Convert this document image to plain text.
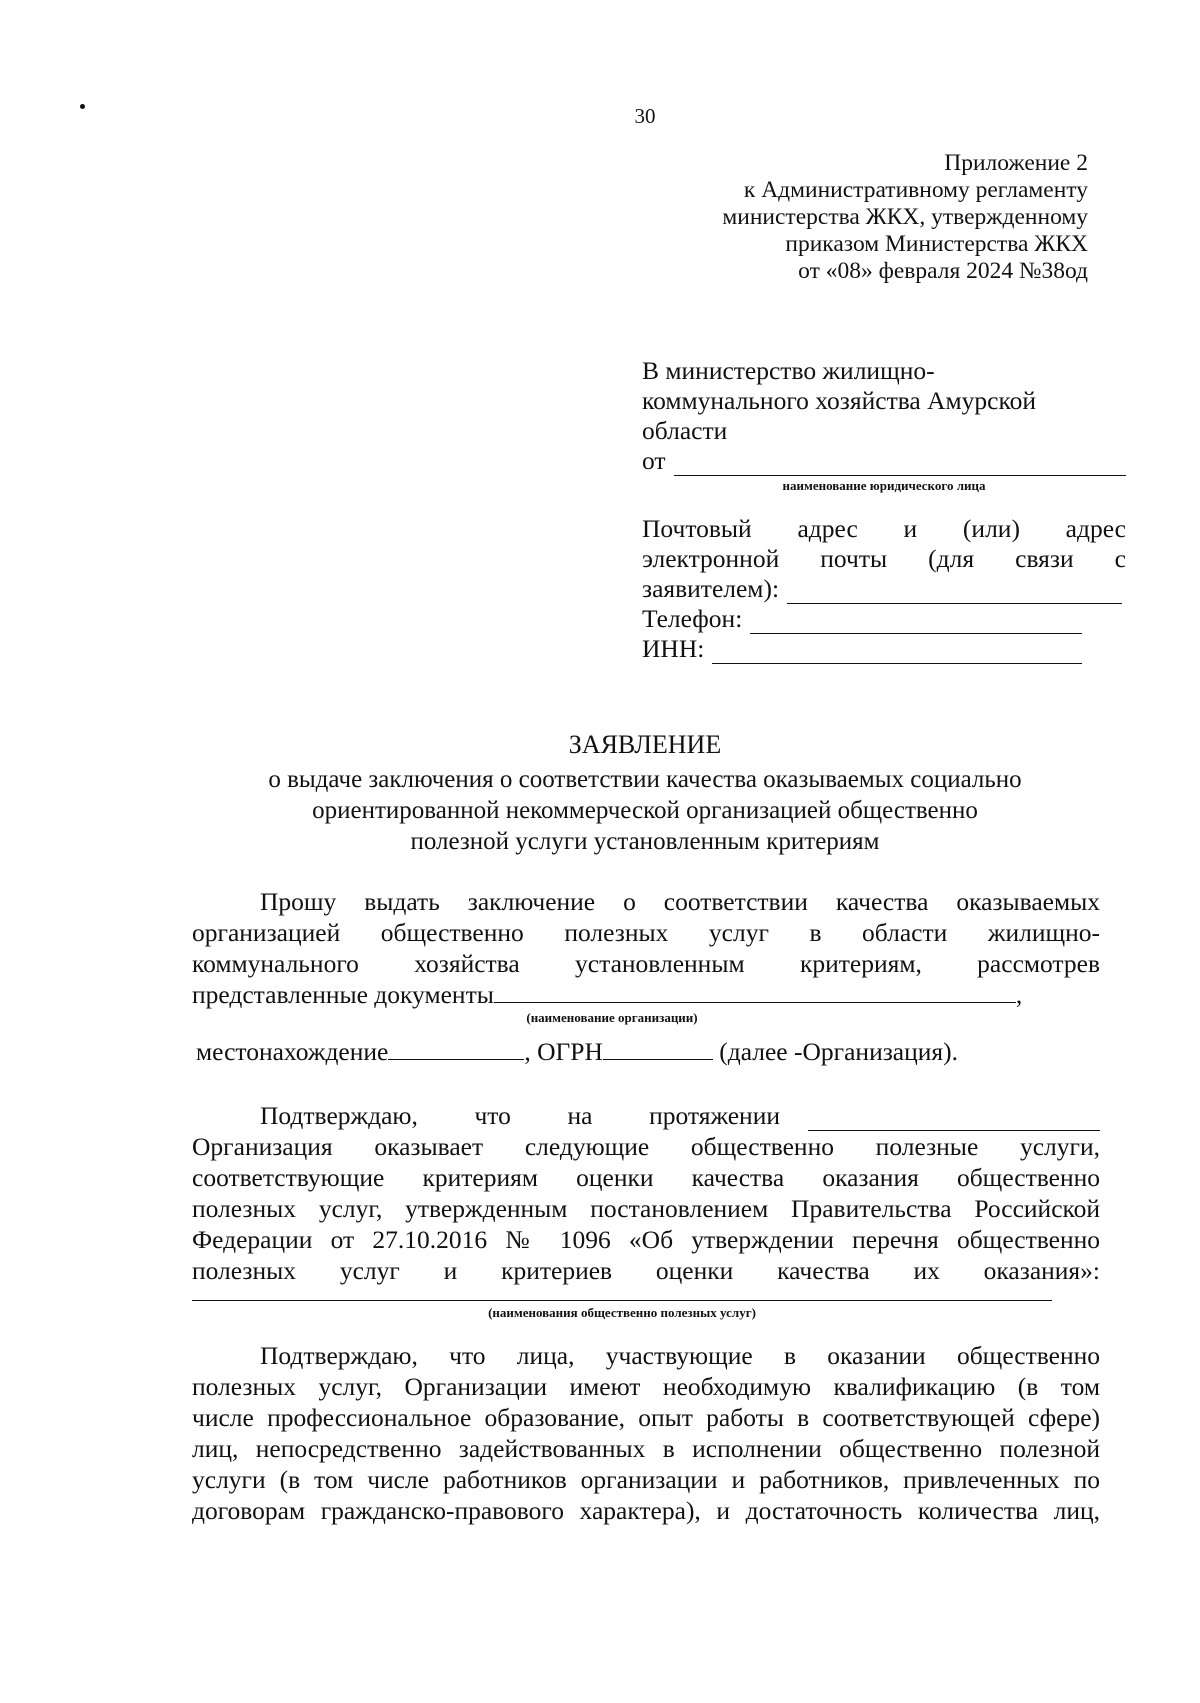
30
Приложение 2
к Административному регламенту
министерства ЖКХ, утвержденному
приказом Министерства ЖКХ
от «08» февраля 2024 №38од
В министерство жилищно-
коммунального хозяйства Амурской
области
от
наименование юридического лица
Почтовый адрес и (или) адрес
электронной почты (для связи с
заявителем):
Телефон:
ИНН:
ЗАЯВЛЕНИЕ
о выдаче заключения о соответствии качества оказываемых социально
ориентированной некоммерческой организацией общественно
полезной услуги установленным критериям
Прошу выдать заключение о соответствии качества оказываемых
организацией общественно полезных услуг в области жилищно-
коммунального хозяйства установленным критериям, рассмотрев
представленные документы	,
(наименование организации)
местонахождение	, ОГРН	(далее -Организация).
Подтверждаю, что на протяжении
Организация оказывает следующие общественно полезные услуги,
соответствующие критериям оценки качества оказания общественно
полезных услуг, утвержденным постановлением Правительства Российской
Федерации от 27.10.2016 № 1096 «Об утверждении перечня общественно
полезных услуг и критериев оценки качества их оказания»:
(наименования общественно полезных услуг)
Подтверждаю, что лица, участвующие в оказании общественно
полезных услуг, Организации имеют необходимую квалификацию (в том
числе профессиональное образование, опыт работы в соответствующей сфере)
лиц, непосредственно задействованных в исполнении общественно полезной
услуги (в том числе работников организации и работников, привлеченных по
договорам гражданско-правового характера), и достаточность количества лиц,
